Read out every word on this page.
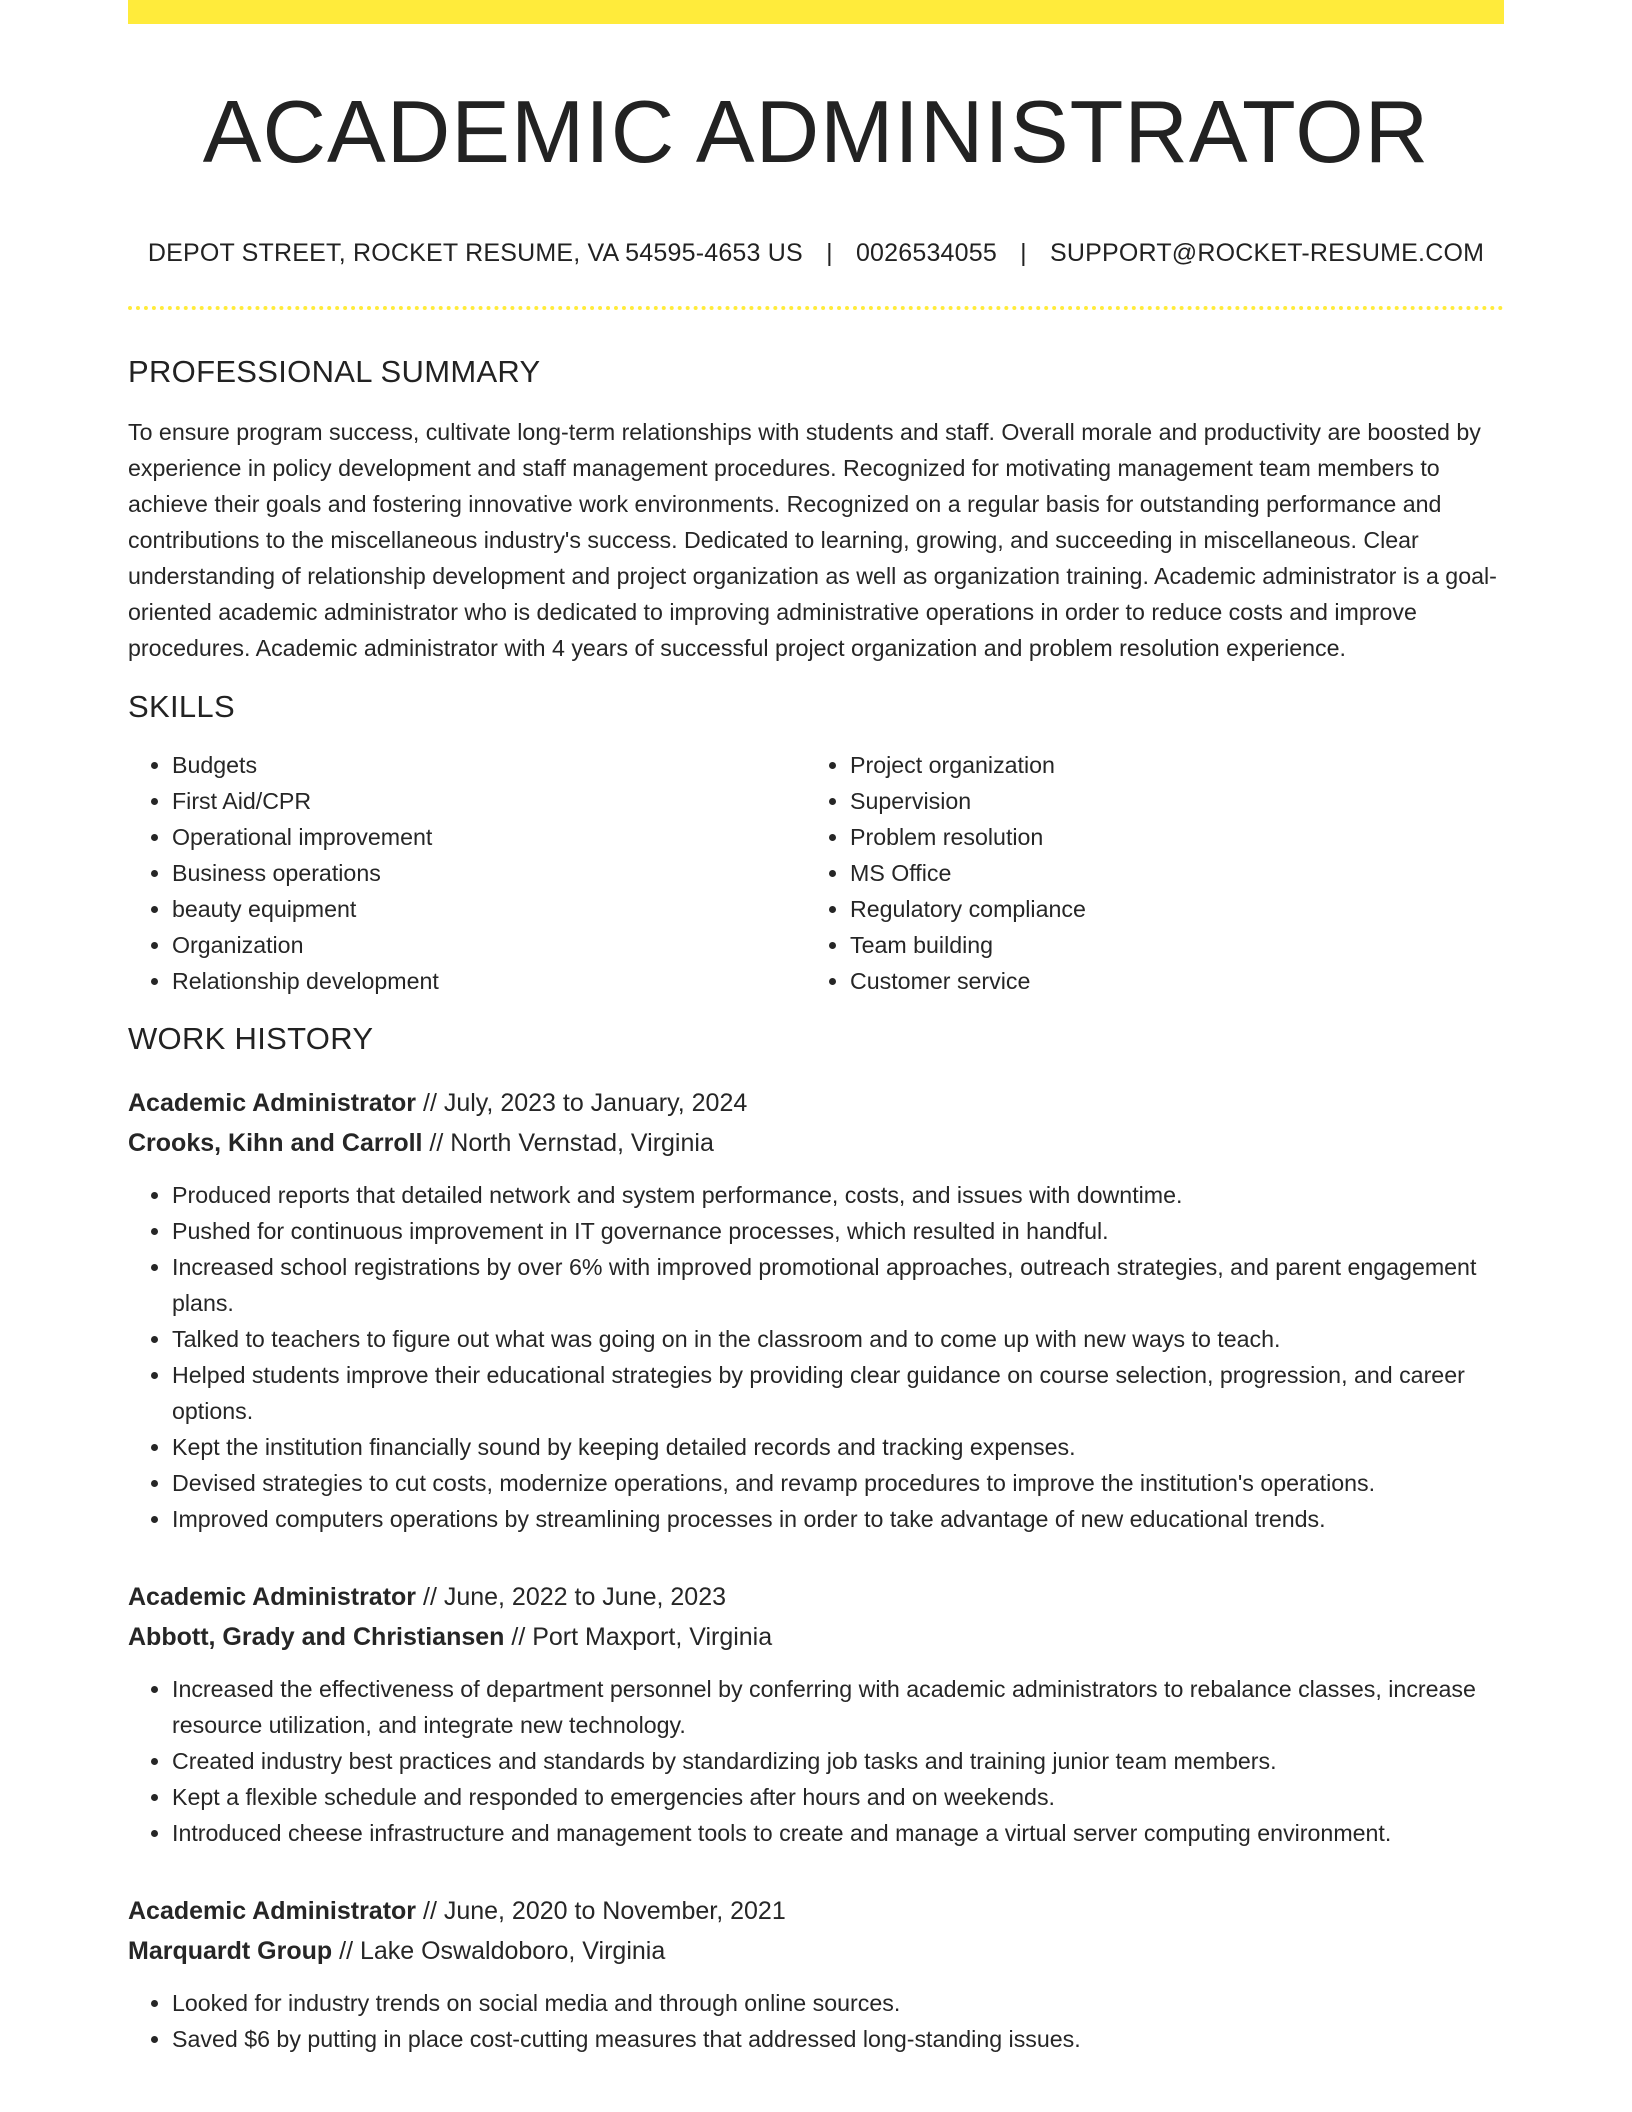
ACADEMIC ADMINISTRATOR
DEPOT STREET, ROCKET RESUME, VA 54595-4653 US | 0026534055 | SUPPORT@ROCKET-RESUME.COM
PROFESSIONAL SUMMARY

To ensure program success, cultivate long-term relationships with students and staff. Overall morale and productivity are boosted by experience in policy development and staff management procedures. Recognized for motivating management team members to achieve their goals and fostering innovative work environments. Recognized on a regular basis for outstanding performance and contributions to the miscellaneous industry's success. Dedicated to learning, growing, and succeeding in miscellaneous. Clear understanding of relationship development and project organization as well as organization training. Academic administrator is a goal-oriented academic administrator who is dedicated to improving administrative operations in order to reduce costs and improve procedures. Academic administrator with 4 years of successful project organization and problem resolution experience.

SKILLS
• Budgets
• First Aid/CPR
• Operational improvement
• Business operations
• beauty equipment
• Organization
• Relationship development
• Project organization
• Supervision
• Problem resolution
• MS Office
• Regulatory compliance
• Team building
• Customer service
WORK HISTORY
Academic Administrator // July, 2023 to January, 2024
Crooks, Kihn and Carroll // North Vernstad, Virginia
• Produced reports that detailed network and system performance, costs, and issues with downtime.
• Pushed for continuous improvement in IT governance processes, which resulted in handful.
• Increased school registrations by over 6% with improved promotional approaches, outreach strategies, and parent engagement plans.
• Talked to teachers to figure out what was going on in the classroom and to come up with new ways to teach.
• Helped students improve their educational strategies by providing clear guidance on course selection, progression, and career options.
• Kept the institution financially sound by keeping detailed records and tracking expenses.
• Devised strategies to cut costs, modernize operations, and revamp procedures to improve the institution's operations.
• Improved computers operations by streamlining processes in order to take advantage of new educational trends.
Academic Administrator // June, 2022 to June, 2023
Abbott, Grady and Christiansen // Port Maxport, Virginia
• Increased the effectiveness of department personnel by conferring with academic administrators to rebalance classes, increase resource utilization, and integrate new technology.
• Created industry best practices and standards by standardizing job tasks and training junior team members.
• Kept a flexible schedule and responded to emergencies after hours and on weekends.
• Introduced cheese infrastructure and management tools to create and manage a virtual server computing environment.
Academic Administrator // June, 2020 to November, 2021
Marquardt Group // Lake Oswaldoboro, Virginia
• Looked for industry trends on social media and through online sources.
• Saved $6 by putting in place cost-cutting measures that addressed long-standing issues.
